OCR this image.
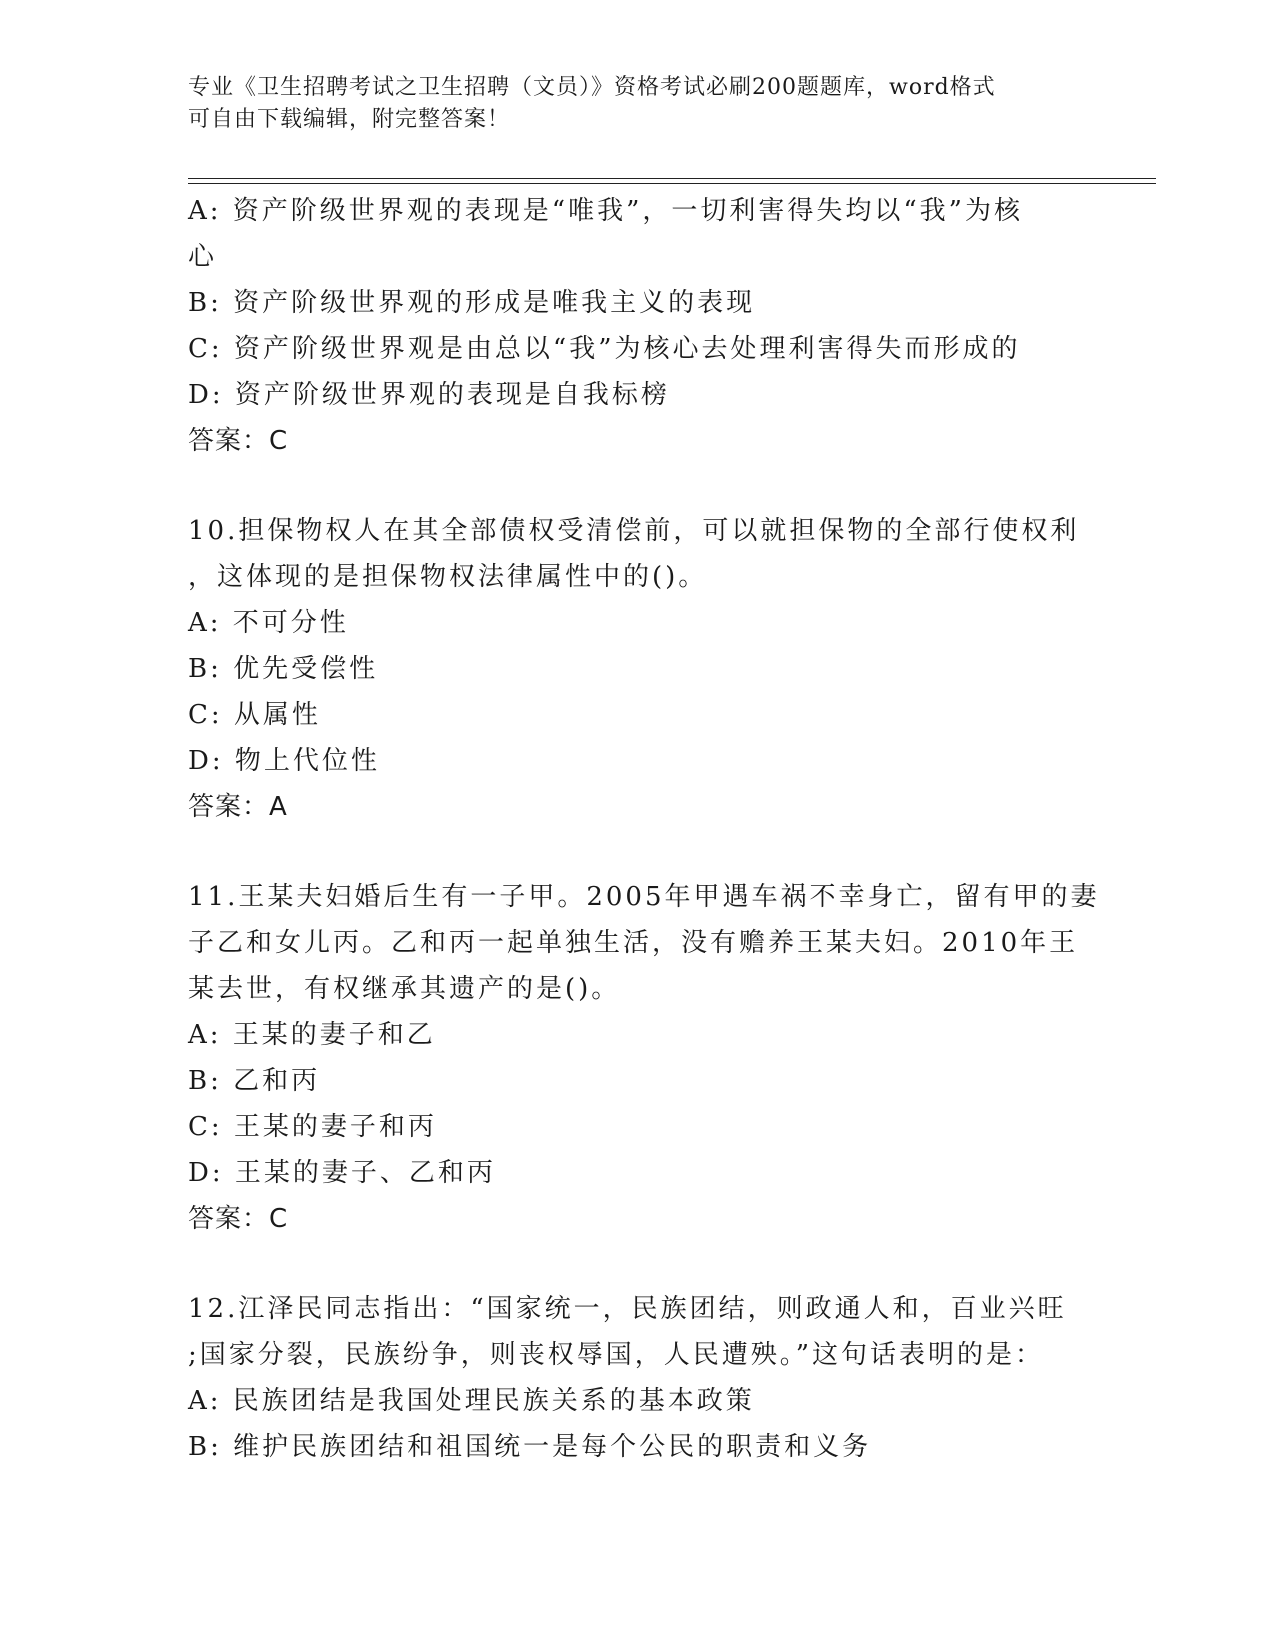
专业《卫生招聘考试之卫生招聘（文员）》资格考试必刷200题题库，word格式
可自由下载编辑，附完整答案！
A: 资产阶级世界观的表现是“唯我”，一切利害得失均以“我”为核
心
B: 资产阶级世界观的形成是唯我主义的表现
C: 资产阶级世界观是由总以“我”为核心去处理利害得失而形成的
D: 资产阶级世界观的表现是自我标榜
答案：C
10.担保物权人在其全部债权受清偿前，可以就担保物的全部行使权利
，这体现的是担保物权法律属性中的()。
A: 不可分性
B: 优先受偿性
C: 从属性
D: 物上代位性
答案：A
11.王某夫妇婚后生有一子甲。2005年甲遇车祸不幸身亡，留有甲的妻
子乙和女儿丙。乙和丙一起单独生活，没有赡养王某夫妇。2010年王
某去世，有权继承其遗产的是()。
A: 王某的妻子和乙
B: 乙和丙
C: 王某的妻子和丙
D: 王某的妻子、乙和丙
答案：C
12.江泽民同志指出：“国家统一，民族团结，则政通人和，百业兴旺
;国家分裂，民族纷争，则丧权辱国，人民遭殃。”这句话表明的是：
A: 民族团结是我国处理民族关系的基本政策
B: 维护民族团结和祖国统一是每个公民的职责和义务
